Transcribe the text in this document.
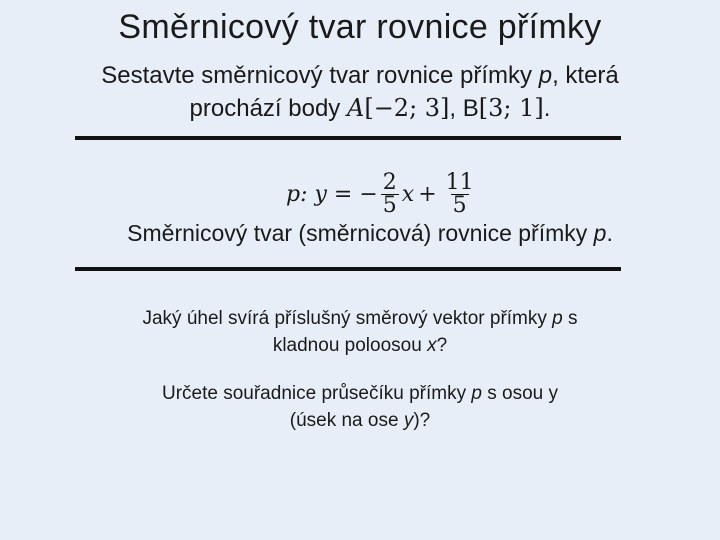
Směrnicový tvar rovnice přímky
Sestavte směrnicový tvar rovnice přímky p, která
prochází body A[−2; 3], B[3; 1].
p: y = − $\frac{2}{5}$ $x + \frac{11}{5}$
Směrnicový tvar (směrnicová) rovnice přímky p.
Jaký úhel svírá příslušný směrový vektor přímky p s
kladnou poloosou x?
Určete souřadnice průsečíku přímky p s osou y
(úsek na ose y)?
